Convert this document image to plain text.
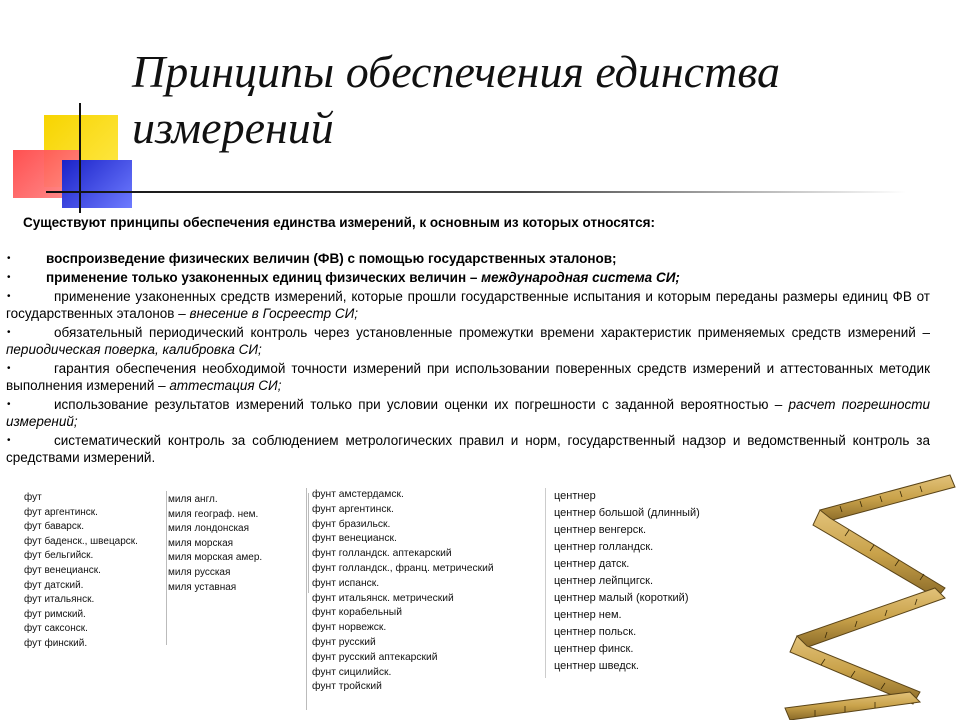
Принципы обеспечения единства измерений
Существуют принципы обеспечения единства измерений, к основным из которых относятся:
•	воспроизведение физических величин (ФВ) с помощью государственных эталонов;
•	применение только узаконенных единиц физических величин – международная система СИ;
•	применение узаконенных средств измерений, которые прошли государственные испытания и которым переданы размеры единиц ФВ от государственных эталонов – внесение в Госреестр СИ;
•	обязательный периодический контроль через установленные промежутки времени характеристик применяемых средств измерений – периодическая поверка, калибровка СИ;
•	гарантия обеспечения необходимой точности измерений при использовании поверенных средств измерений и аттестованных методик выполнения измерений – аттестация СИ;
•	использование результатов измерений только при условии оценки их погрешности с заданной вероятностью – расчет погрешности измерений;
•	систематический контроль за соблюдением метрологических правил и норм, государственный надзор и ведомственный контроль за средствами измерений.
фут
фут аргентинск.
фут баварск.
фут баденск., швецарск.
фут бельгийск.
фут венецианск.
фут датский.
фут итальянск.
фут римский.
фут саксонск.
фут финский.
миля англ.
миля географ. нем.
миля лондонская
миля морская
миля морская амер.
миля русская
миля уставная
фунт амстердамск.
фунт аргентинск.
фунт бразильск.
фунт венецианск.
фунт голландск. аптекарский
фунт голландск., франц. метрический
фунт испанск.
фунт итальянск. метрический
фунт корабельный
фунт норвежск.
фунт русский
фунт русский аптекарский
фунт сицилийск.
фунт тройский
центнер
центнер большой (длинный)
центнер венгерск.
центнер голландск.
центнер датск.
центнер лейпцигск.
центнер малый (короткий)
центнер нем.
центнер польск.
центнер финск.
центнер шведск.
